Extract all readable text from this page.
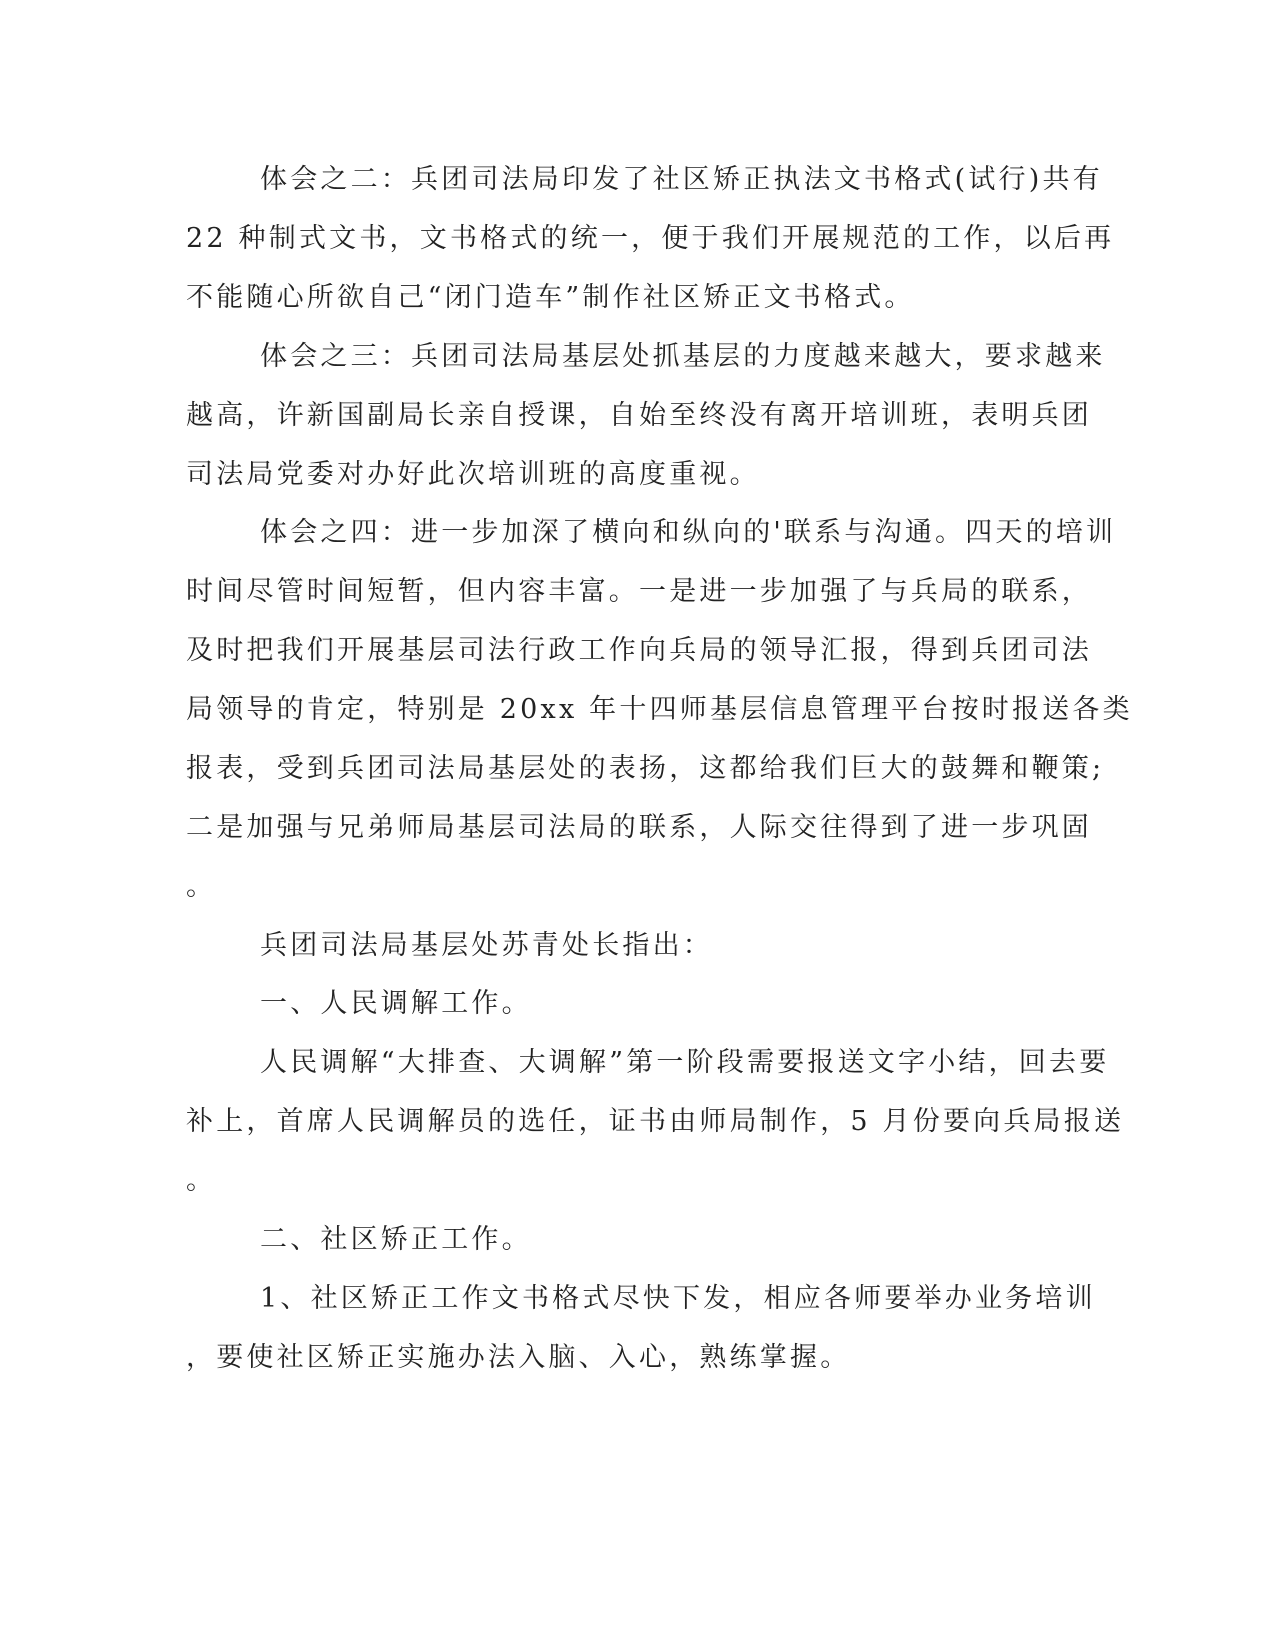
体会之二：兵团司法局印发了社区矫正执法文书格式(试行)共有
22 种制式文书，文书格式的统一，便于我们开展规范的工作，以后再
不能随心所欲自己“闭门造车”制作社区矫正文书格式。
体会之三：兵团司法局基层处抓基层的力度越来越大，要求越来
越高，许新国副局长亲自授课，自始至终没有离开培训班，表明兵团
司法局党委对办好此次培训班的高度重视。
体会之四：进一步加深了横向和纵向的'联系与沟通。四天的培训
时间尽管时间短暂，但内容丰富。一是进一步加强了与兵局的联系，
及时把我们开展基层司法行政工作向兵局的领导汇报，得到兵团司法
局领导的肯定，特别是 20xx 年十四师基层信息管理平台按时报送各类
报表，受到兵团司法局基层处的表扬，这都给我们巨大的鼓舞和鞭策;
二是加强与兄弟师局基层司法局的联系，人际交往得到了进一步巩固
。
兵团司法局基层处苏青处长指出：
一、人民调解工作。
人民调解“大排查、大调解”第一阶段需要报送文字小结，回去要
补上，首席人民调解员的选任，证书由师局制作，5 月份要向兵局报送
。
二、社区矫正工作。
1、社区矫正工作文书格式尽快下发，相应各师要举办业务培训
，要使社区矫正实施办法入脑、入心，熟练掌握。
